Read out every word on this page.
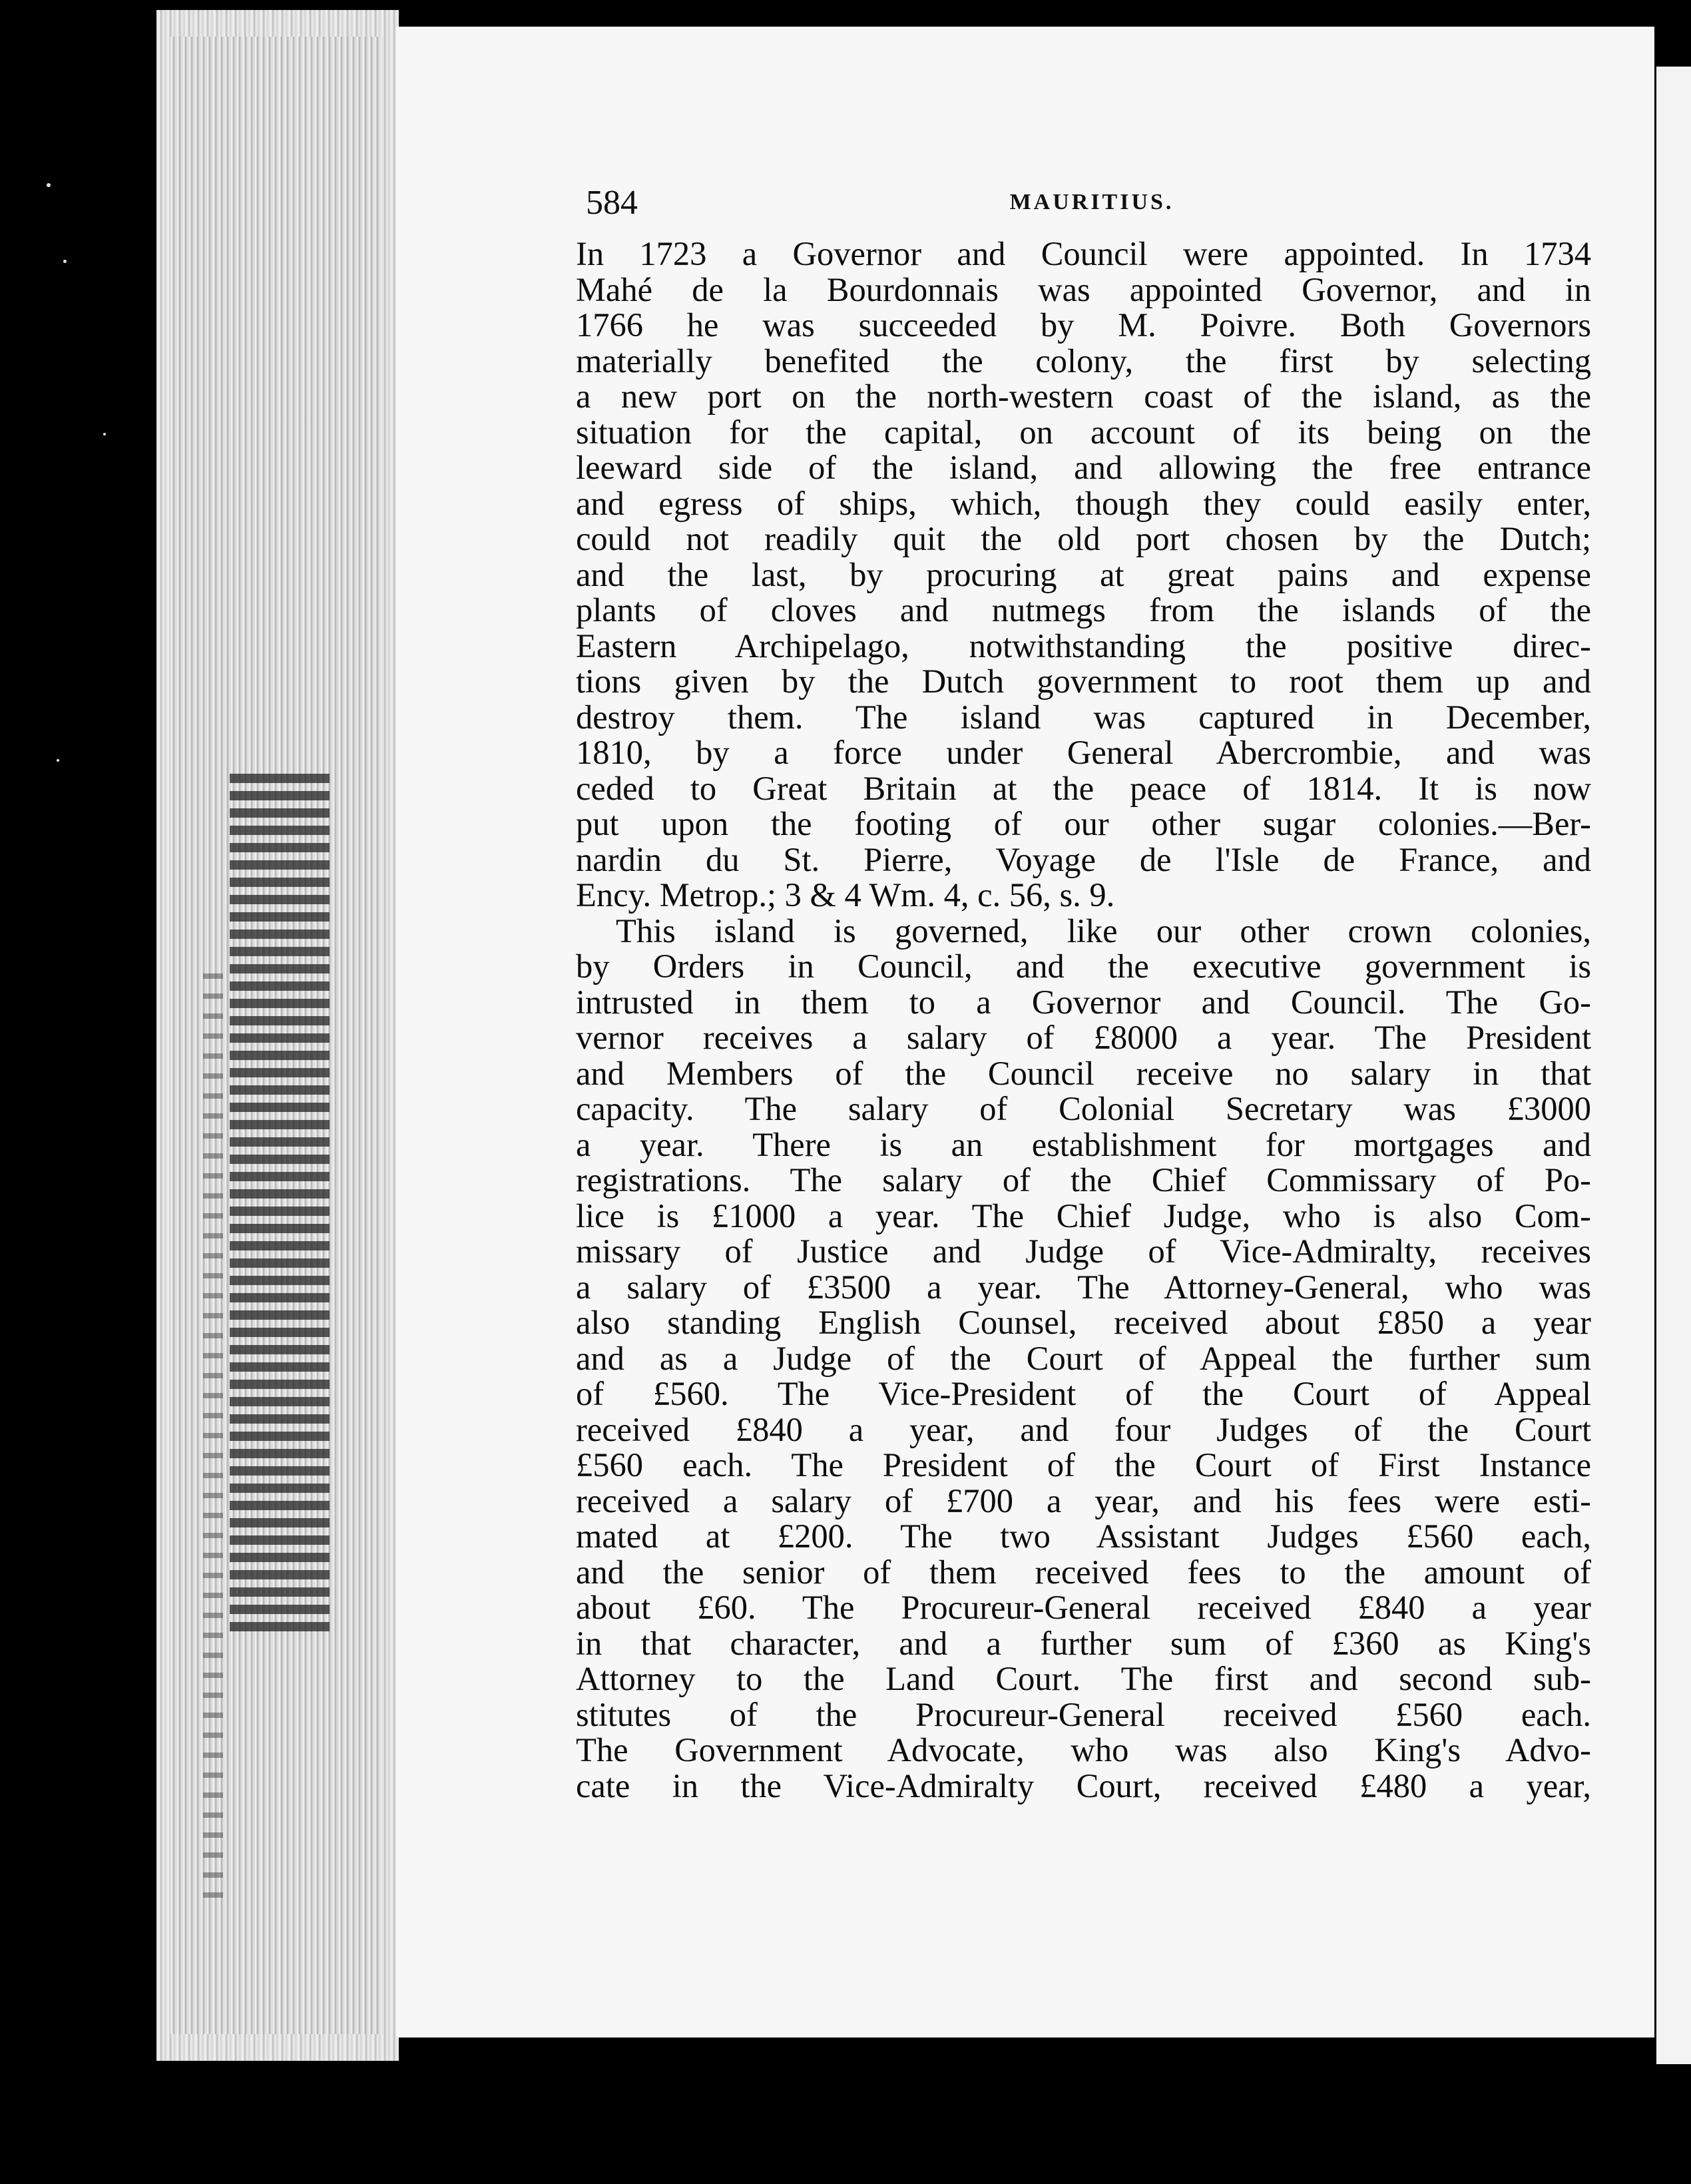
584	MAURITIUS.
In 1723 a Governor and Council were appointed. In 1734
Mahé de la Bourdonnais was appointed Governor, and in
1766 he was succeeded by M. Poivre. Both Governors
materially benefited the colony, the first by selecting
a new port on the north-western coast of the island, as the
situation for the capital, on account of its being on the
leeward side of the island, and allowing the free entrance
and egress of ships, which, though they could easily enter,
could not readily quit the old port chosen by the Dutch;
and the last, by procuring at great pains and expense
plants of cloves and nutmegs from the islands of the
Eastern Archipelago, notwithstanding the positive direc-
tions given by the Dutch government to root them up and
destroy them. The island was captured in December,
1810, by a force under General Abercrombie, and was
ceded to Great Britain at the peace of 1814. It is now
put upon the footing of our other sugar colonies.—Ber-
nardin du St. Pierre, Voyage de l'Isle de France, and
Ency. Metrop.; 3 & 4 Wm. 4, c. 56, s. 9.
This island is governed, like our other crown colonies,
by Orders in Council, and the executive government is
intrusted in them to a Governor and Council. The Go-
vernor receives a salary of £8000 a year. The President
and Members of the Council receive no salary in that
capacity. The salary of Colonial Secretary was £3000
a year. There is an establishment for mortgages and
registrations. The salary of the Chief Commissary of Po-
lice is £1000 a year. The Chief Judge, who is also Com-
missary of Justice and Judge of Vice-Admiralty, receives
a salary of £3500 a year. The Attorney-General, who was
also standing English Counsel, received about £850 a year
and as a Judge of the Court of Appeal the further sum
of £560. The Vice-President of the Court of Appeal
received £840 a year, and four Judges of the Court
£560 each. The President of the Court of First Instance
received a salary of £700 a year, and his fees were esti-
mated at £200. The two Assistant Judges £560 each,
and the senior of them received fees to the amount of
about £60. The Procureur-General received £840 a year
in that character, and a further sum of £360 as King's
Attorney to the Land Court. The first and second sub-
stitutes of the Procureur-General received £560 each.
The Government Advocate, who was also King's Advo-
cate in the Vice-Admiralty Court, received £480 a year,
